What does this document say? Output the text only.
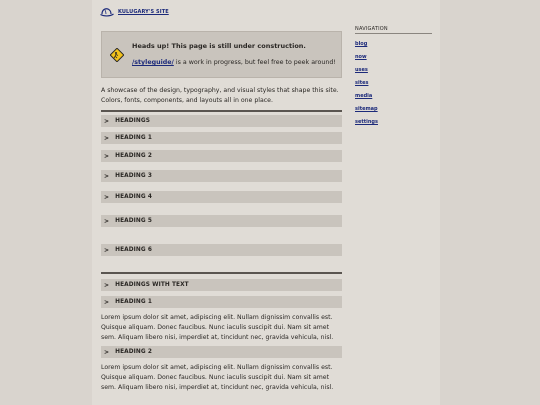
KULUGARY'S SITE
Heads up! This page is still under construction.
/styleguide/ is a work in progress, but feel free to peek around!

A showcase of the design, typography, and visual styles that shape this site. Colors, fonts, components, and layouts all in one place.

> HEADINGS
> HEADING 1
> HEADING 2
> HEADING 3
> HEADING 4
> HEADING 5
> HEADING 6
> HEADINGS WITH TEXT
> HEADING 1

Lorem ipsum dolor sit amet, adipiscing elit. Nullam dignissim convallis est. Quisque aliquam. Donec faucibus. Nunc iaculis suscipit dui. Nam sit amet sem. Aliquam libero nisi, imperdiet at, tincidunt nec, gravida vehicula, nisl.

> HEADING 2

Lorem ipsum dolor sit amet, adipiscing elit. Nullam dignissim convallis est. Quisque aliquam. Donec faucibus. Nunc iaculis suscipit dui. Nam sit amet sem. Aliquam libero nisi, imperdiet at, tincidunt nec, gravida vehicula, nisl.

NAVIGATION
blog
now
uses
sites
media
sitemap
settings
